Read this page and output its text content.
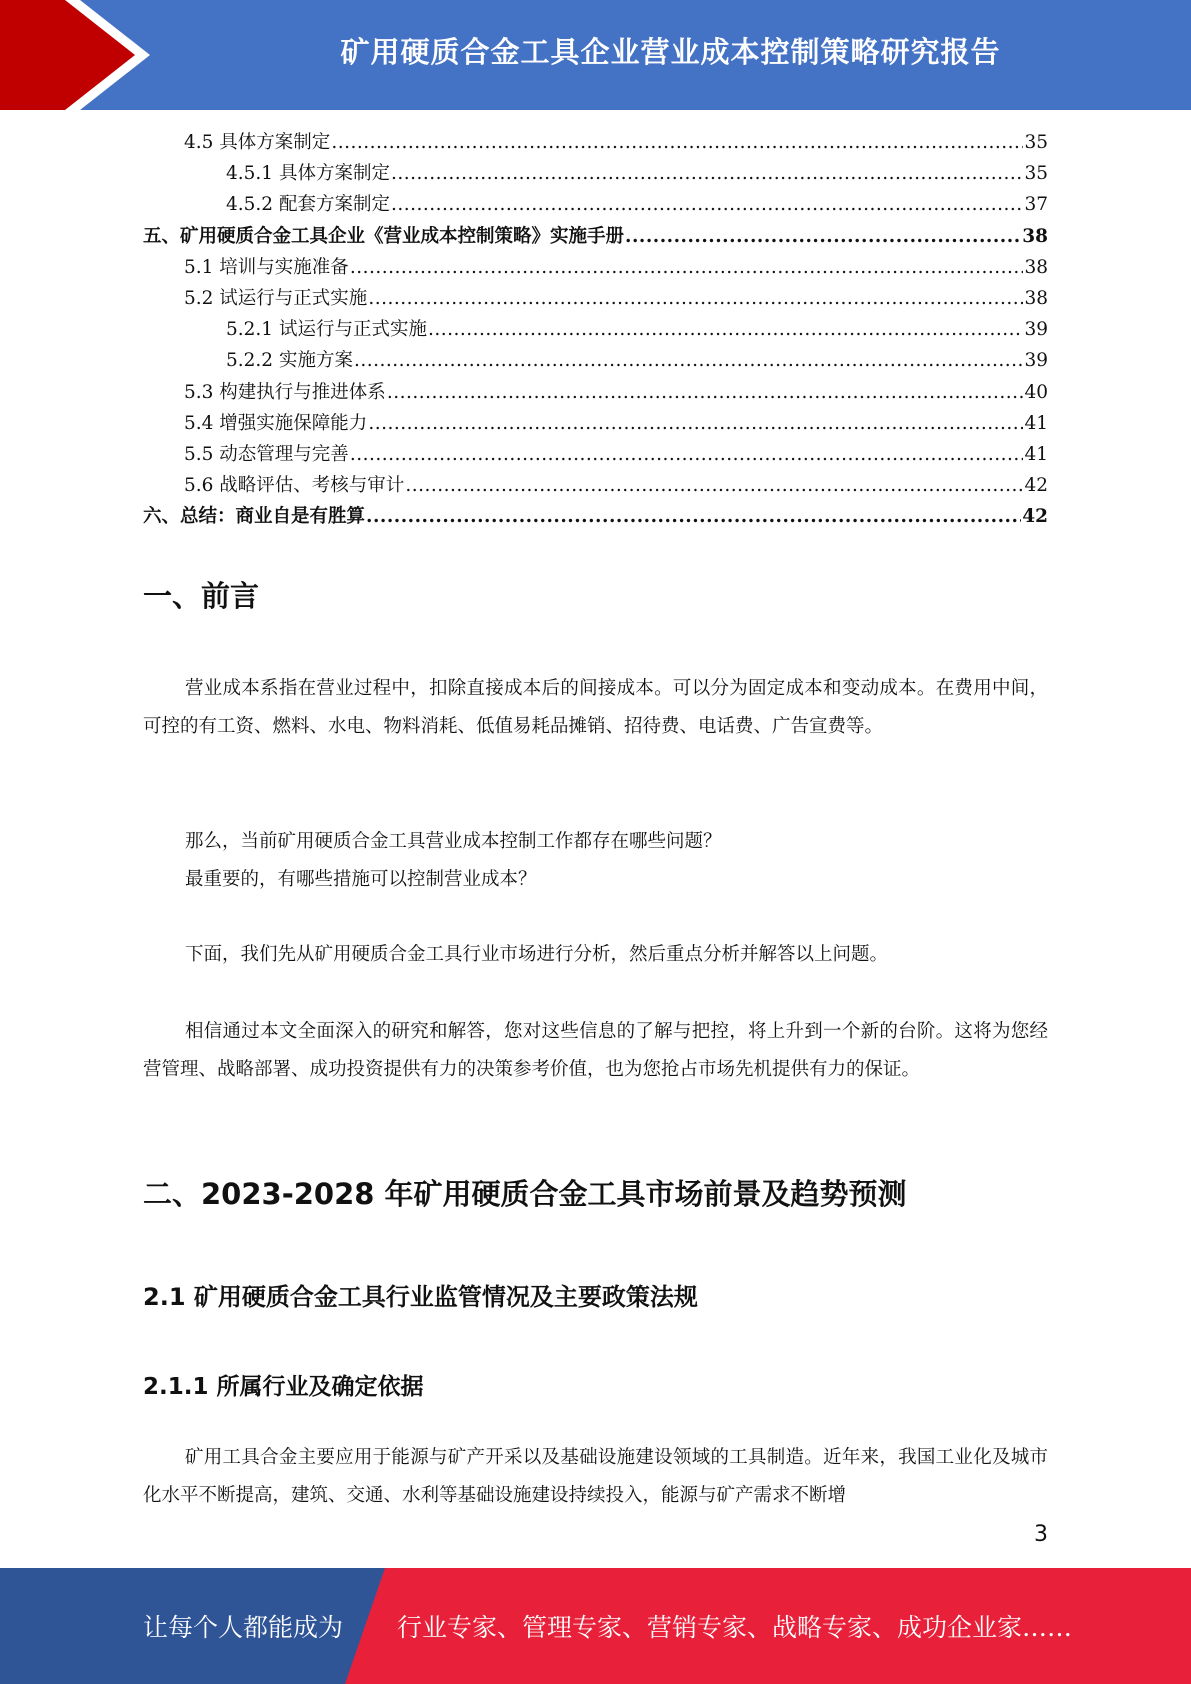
矿用硬质合金工具企业营业成本控制策略研究报告
4.5 具体方案制定 .....	35
4.5.1 具体方案制定 .....	35
4.5.2 配套方案制定 .....	37
五、矿用硬质合金工具企业《营业成本控制策略》实施手册 .....	38
5.1 培训与实施准备 .....	38
5.2 试运行与正式实施 .....	38
5.2.1 试运行与正式实施 .....	39
5.2.2 实施方案 .....	39
5.3 构建执行与推进体系 .....	40
5.4 增强实施保障能力 .....	41
5.5 动态管理与完善 .....	41
5.6 战略评估、考核与审计 .....	42
六、总结：商业自是有胜算 .....	42
一、前言

营业成本系指在营业过程中，扣除直接成本后的间接成本。可以分为固定成本和变动成本。在费用中间，可控的有工资、燃料、水电、物料消耗、低值易耗品摊销、招待费、电话费、广告宣费等。

那么，当前矿用硬质合金工具营业成本控制工作都存在哪些问题？

最重要的，有哪些措施可以控制营业成本？

下面，我们先从矿用硬质合金工具行业市场进行分析，然后重点分析并解答以上问题。

相信通过本文全面深入的研究和解答，您对这些信息的了解与把控，将上升到一个新的台阶。这将为您经营管理、战略部署、成功投资提供有力的决策参考价值，也为您抢占市场先机提供有力的保证。

二、2023-2028 年矿用硬质合金工具市场前景及趋势预测
2.1 矿用硬质合金工具行业监管情况及主要政策法规
2.1.1 所属行业及确定依据

矿用工具合金主要应用于能源与矿产开采以及基础设施建设领域的工具制造。近年来，我国工业化及城市化水平不断提高，建筑、交通、水利等基础设施建设持续投入，能源与矿产需求不断增

3
让每个人都能成为 行业专家、管理专家、营销专家、战略专家、成功企业家……
